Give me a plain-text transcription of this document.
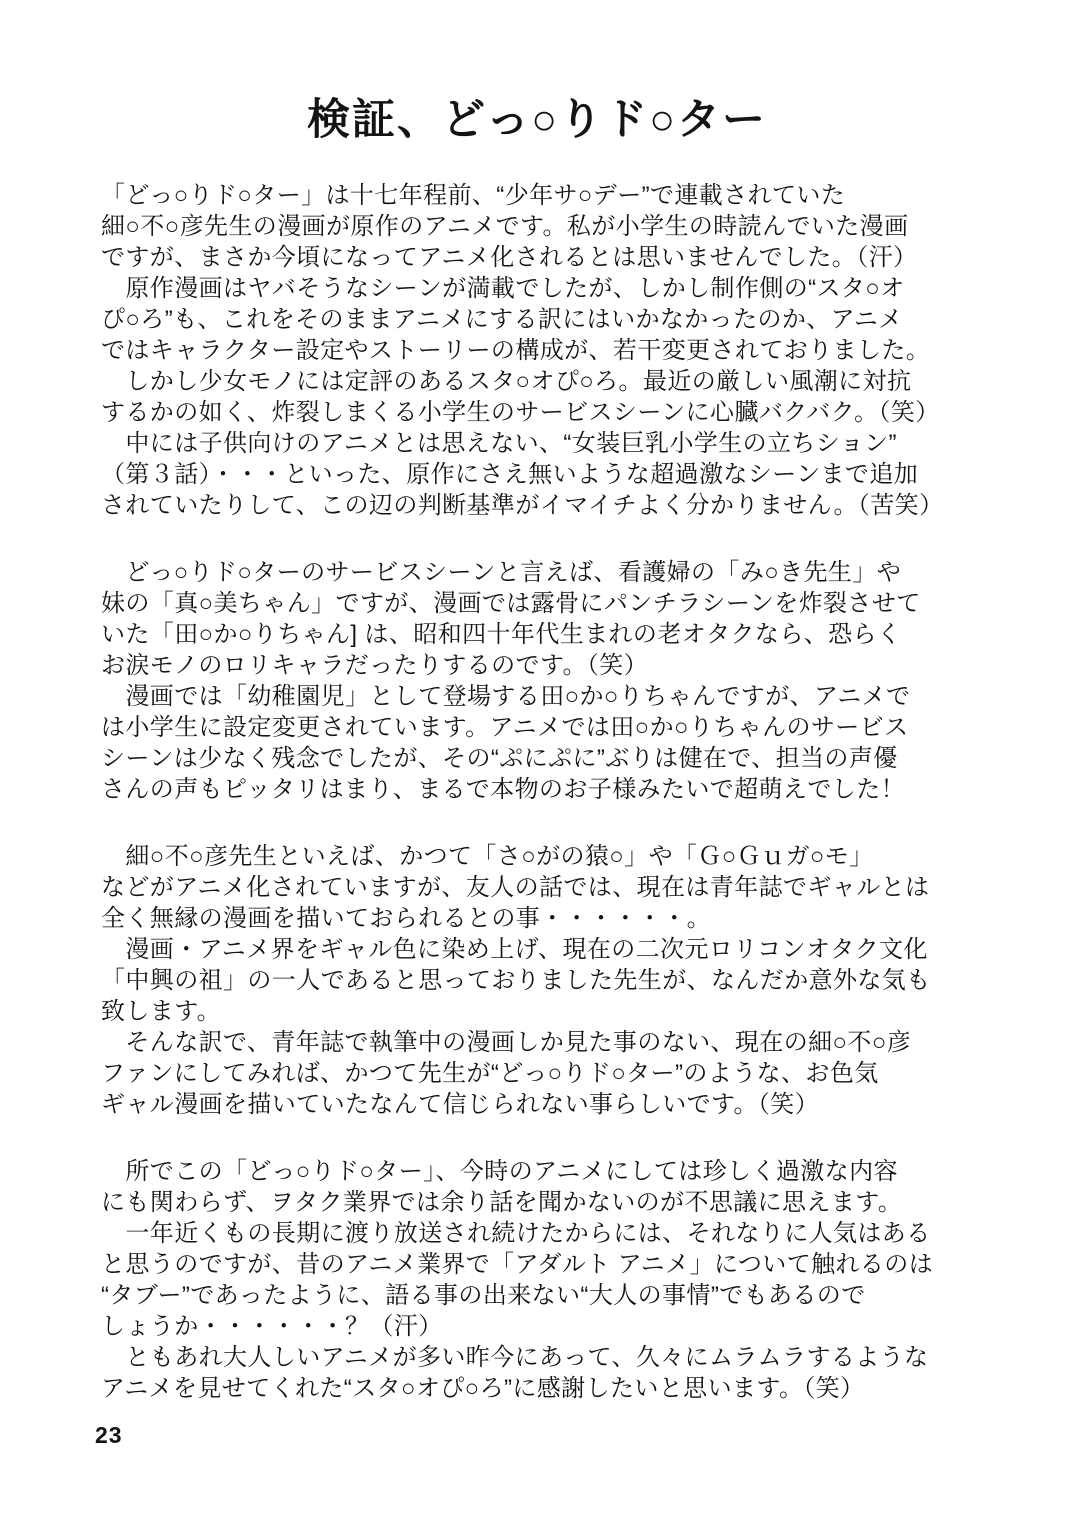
検証、どっ○りド○ター
「どっ○りド○ター」は十七年程前、“少年サ○デー”で連載されていた
細○不○彦先生の漫画が原作のアニメです。私が小学生の時読んでいた漫画
ですが、まさか今頃になってアニメ化されるとは思いませんでした。（汗）
　原作漫画はヤバそうなシーンが満載でしたが、しかし制作側の“スタ○オ
ぴ○ろ”も、これをそのままアニメにする訳にはいかなかったのか、アニメ
ではキャラクター設定やストーリーの構成が、若干変更されておりました。
　しかし少女モノには定評のあるスタ○オぴ○ろ。最近の厳しい風潮に対抗
するかの如く、炸裂しまくる小学生のサービスシーンに心臓バクバク。（笑）
　中には子供向けのアニメとは思えない、“女装巨乳小学生の立ちション”
（第３話）・・・といった、原作にさえ無いような超過激なシーンまで追加
されていたりして、この辺の判断基準がイマイチよく分かりません。（苦笑）
　どっ○りド○ターのサービスシーンと言えば、看護婦の「み○き先生」や
妹の「真○美ちゃん」ですが、漫画では露骨にパンチラシーンを炸裂させて
いた「田○か○りちゃん] は、昭和四十年代生まれの老オタクなら、恐らく
お涙モノのロリキャラだったりするのです。（笑）
　漫画では「幼稚園児」として登場する田○か○りちゃんですが、アニメで
は小学生に設定変更されています。アニメでは田○か○りちゃんのサービス
シーンは少なく残念でしたが、その“ぷにぷに”ぶりは健在で、担当の声優
さんの声もピッタリはまり、まるで本物のお子様みたいで超萌えでした！
　細○不○彦先生といえば、かつて「さ○がの猿○」や「Ｇ○Ｇｕガ○モ」
などがアニメ化されていますが、友人の話では、現在は青年誌でギャルとは
全く無縁の漫画を描いておられるとの事・・・・・・。
　漫画・アニメ界をギャル色に染め上げ、現在の二次元ロリコンオタク文化
「中興の祖」の一人であると思っておりました先生が、なんだか意外な気も
致します。
　そんな訳で、青年誌で執筆中の漫画しか見た事のない、現在の細○不○彦
ファンにしてみれば、かつて先生が“どっ○りド○ター”のような、お色気
ギャル漫画を描いていたなんて信じられない事らしいです。（笑）
　所でこの「どっ○りド○ター」、今時のアニメにしては珍しく過激な内容
にも関わらず、ヲタク業界では余り話を聞かないのが不思議に思えます。
　一年近くもの長期に渡り放送され続けたからには、それなりに人気はある
と思うのですが、昔のアニメ業界で「アダルト アニメ」について触れるのは
“タブー”であったように、語る事の出来ない“大人の事情”でもあるので
しょうか・・・・・・？（汗）
　ともあれ大人しいアニメが多い昨今にあって、久々にムラムラするような
アニメを見せてくれた“スタ○オぴ○ろ”に感謝したいと思います。（笑）
23
